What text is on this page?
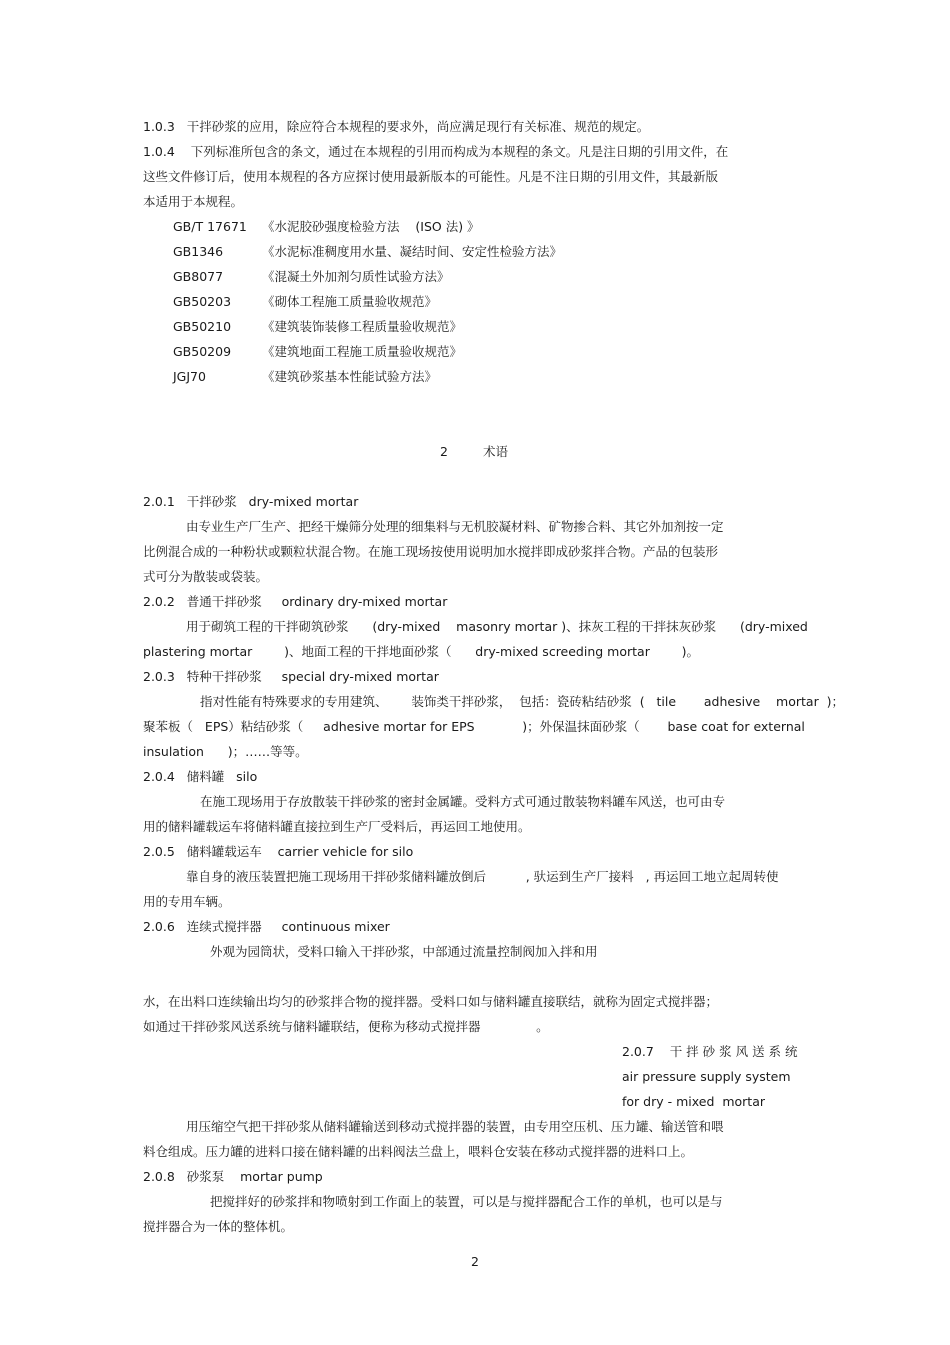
1.0.3   干拌砂浆的应用，除应符合本规程的要求外，尚应满足现行有关标准、规范的规定。
1.0.4    下列标准所包含的条文，通过在本规程的引用而构成为本规程的条文。凡是注日期的引用文件，在
这些文件修订后，使用本规程的各方应探讨使用最新版本的可能性。凡是不注日期的引用文件，其最新版
本适用于本规程。
GB/T 17671 《水泥胶砂强度检验方法    (ISO 法) 》
GB1346	《水泥标准稠度用水量、凝结时间、安定性检验方法》
GB8077	《混凝土外加剂匀质性试验方法》
GB50203 《砌体工程施工质量验收规范》
GB50210 《建筑装饰装修工程质量验收规范》
GB50209 《建筑地面工程施工质量验收规范》
JGJ70	《建筑砂浆基本性能试验方法》
2	术语
2.0.1   干拌砂浆   dry-mixed mortar
由专业生产厂生产、把经干燥筛分处理的细集料与无机胶凝材料、矿物掺合料、其它外加剂按一定
比例混合成的一种粉状或颗粒状混合物。在施工现场按使用说明加水搅拌即成砂浆拌合物。产品的包装形
式可分为散装或袋装。
2.0.2   普通干拌砂浆     ordinary dry-mixed mortar
用于砌筑工程的干拌砌筑砂浆      (dry-mixed    masonry mortar )、抹灰工程的干拌抹灰砂浆      (dry-mixed
plastering mortar        )、地面工程的干拌地面砂浆（      dry-mixed screeding mortar        )。
2.0.3   特种干拌砂浆     special dry-mixed mortar
指对性能有特殊要求的专用建筑、      装饰类干拌砂浆，  包括：瓷砖粘结砂浆  (   tile       adhesive    mortar  )；
聚苯板（   EPS）粘结砂浆（     adhesive mortar for EPS            )；外保温抹面砂浆（       base coat for external
insulation      )；……等等。
2.0.4   储料罐   silo
在施工现场用于存放散装干拌砂浆的密封金属罐。受料方式可通过散装物料罐车风送，也可由专
用的储料罐载运车将储料罐直接拉到生产厂受料后，再运回工地使用。
2.0.5   储料罐载运车    carrier vehicle for silo
靠自身的液压装置把施工现场用干拌砂浆储料罐放倒后          , 驮运到生产厂接料   , 再运回工地立起周转使
用的专用车辆。
2.0.6   连续式搅拌器     continuous mixer
外观为园筒状，受料口输入干拌砂浆，中部通过流量控制阀加入拌和用
水，在出料口连续输出均匀的砂浆拌合物的搅拌器。受料口如与储料罐直接联结，就称为固定式搅拌器；
如通过干拌砂浆风送系统与储料罐联结，便称为移动式搅拌器              。
2.0.7    干 拌 砂 浆 风 送 系 统
air pressure supply system
for dry - mixed  mortar
用压缩空气把干拌砂浆从储料罐输送到移动式搅拌器的装置，由专用空压机、压力罐、输送管和喂
料仓组成。压力罐的进料口接在储料罐的出料阀法兰盘上，喂料仓安装在移动式搅拌器的进料口上。
2.0.8   砂浆泵    mortar pump
把搅拌好的砂浆拌和物喷射到工作面上的装置，可以是与搅拌器配合工作的单机，也可以是与
搅拌器合为一体的整体机。
2
